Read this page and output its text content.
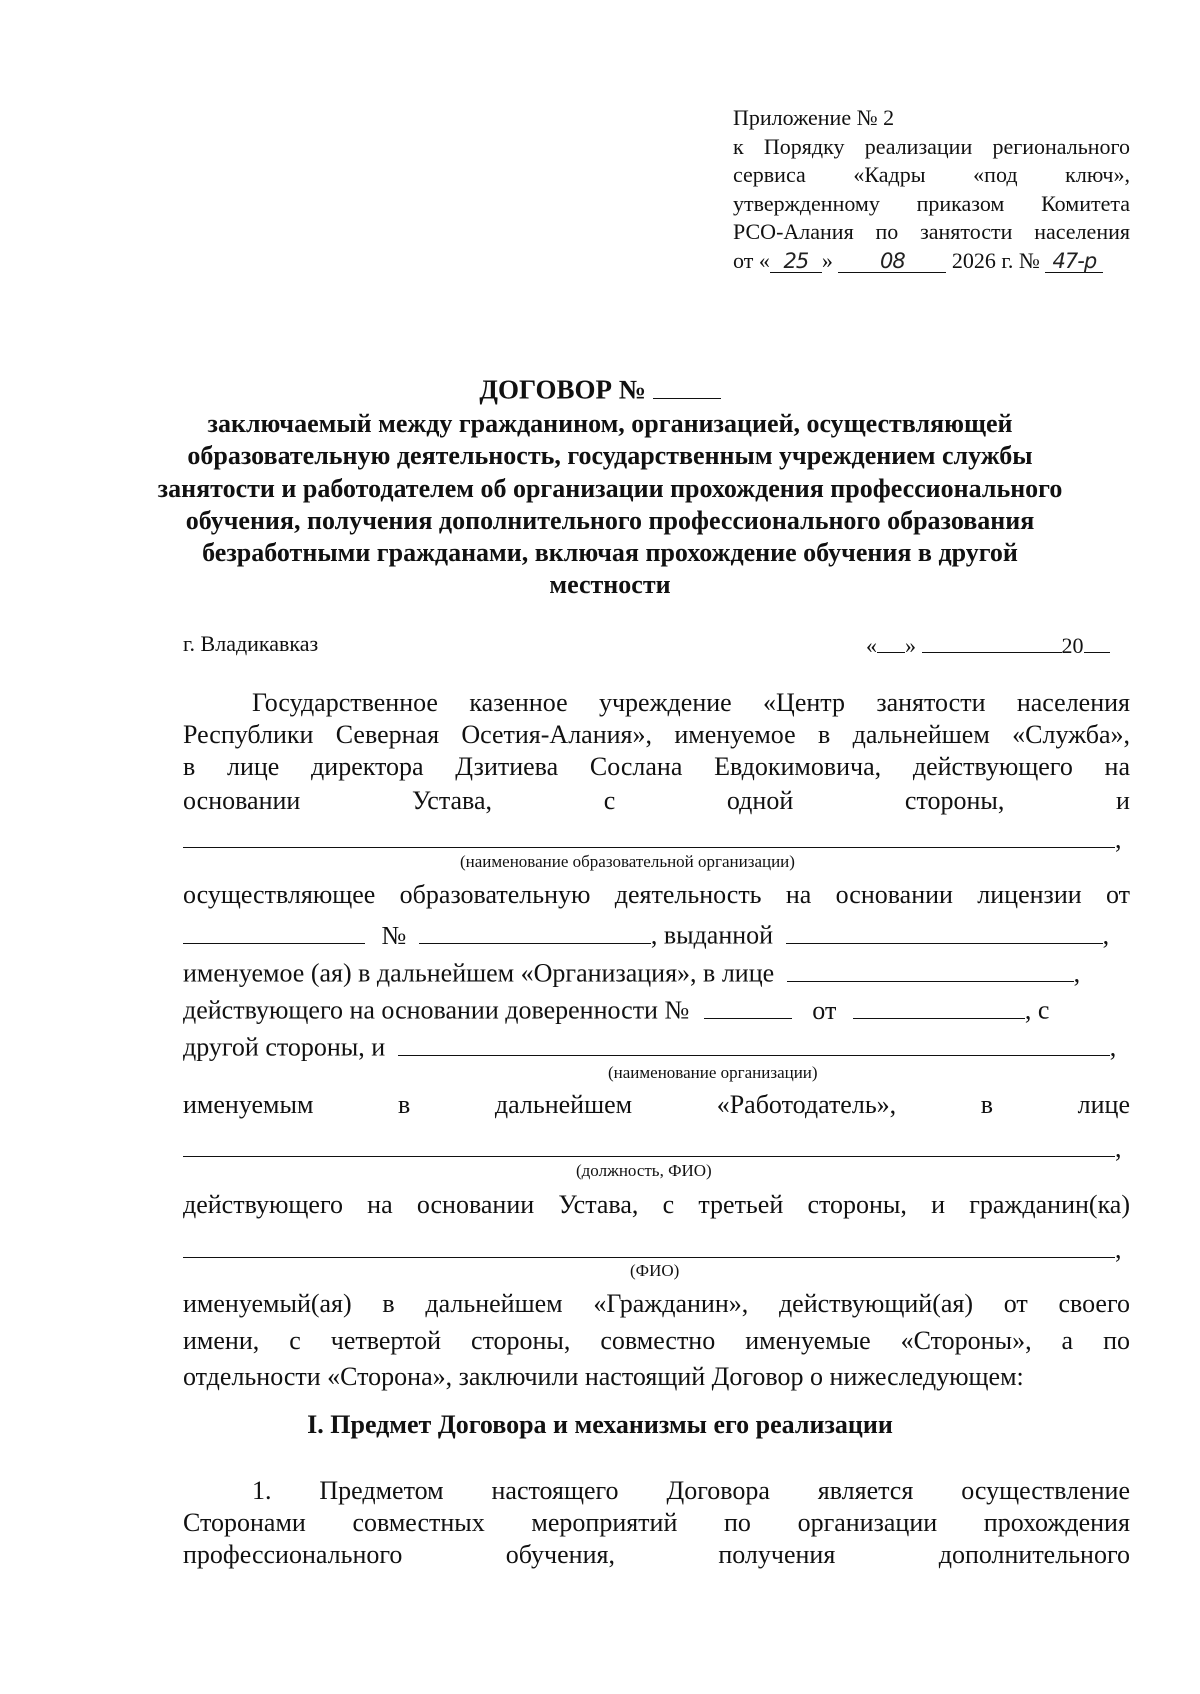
Приложение № 2
к Порядку реализации регионального
сервиса «Кадры «под ключ»,
утвержденному приказом Комитета
РСО-Алания по занятости населения
от « 25 » 08 2026 г. № 47-р
ДОГОВОР №
заключаемый между гражданином, организацией, осуществляющей образовательную деятельность, государственным учреждением службы занятости и работодателем об организации прохождения профессионального обучения, получения дополнительного профессионального образования безработными гражданами, включая прохождение обучения в другой местности
г. Владикавказ	« »	20
Государственное казенное учреждение «Центр занятости населения
Республики Северная Осетия-Алания», именуемое в дальнейшем «Служба»,
в лице директора Дзитиева Сослана Евдокимовича, действующего на
основании	Устава,	с	одной	стороны,	и
,
(наименование образовательной организации)
осуществляющее образовательную деятельность на основании лицензии от
№	, выданной	,
именуемое (ая) в дальнейшем «Организация», в лице	,
действующего на основании доверенности №	от	, с
другой стороны, и	,
(наименование организации)
именуемым	в	дальнейшем	«Работодатель»,	в	лице
,
(должность, ФИО)
действующего на основании Устава, с третьей стороны, и гражданин(ка)
,
(ФИО)
именуемый(ая) в дальнейшем «Гражданин», действующий(ая) от своего
имени, с четвертой стороны, совместно именуемые «Стороны», а по
отдельности «Сторона», заключили настоящий Договор о нижеследующем:
I. Предмет Договора и механизмы его реализации
1. Предметом настоящего Договора является осуществление
Сторонами совместных мероприятий по организации прохождения
профессионального	обучения,	получения	дополнительного
